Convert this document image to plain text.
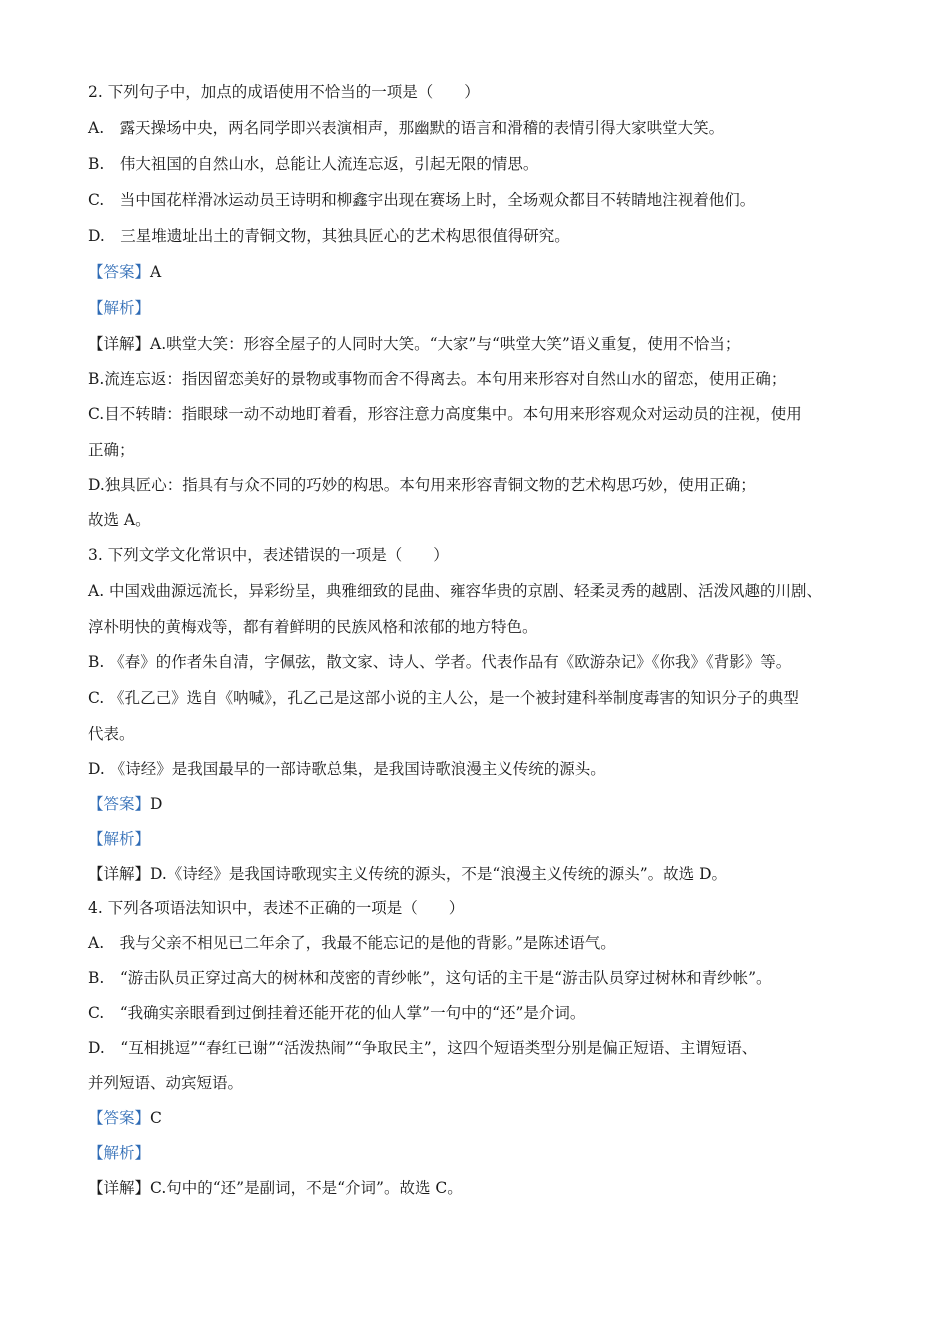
2. 下列句子中，加点的成语使用不恰当的一项是（　　）
A.　露天操场中央，两名同学即兴表演相声，那幽默的语言和滑稽的表情引得大家哄堂大笑。
B.　伟大祖国的自然山水，总能让人流连忘返，引起无限的情思。
C.　当中国花样滑冰运动员王诗明和柳鑫宇出现在赛场上时，全场观众都目不转睛地注视着他们。
D.　三星堆遗址出土的青铜文物，其独具匠心的艺术构思很值得研究。
【答案】A
【解析】
【详解】A.哄堂大笑：形容全屋子的人同时大笑。“大家”与“哄堂大笑”语义重复，使用不恰当；
B.流连忘返：指因留恋美好的景物或事物而舍不得离去。本句用来形容对自然山水的留恋，使用正确；
C.目不转睛：指眼球一动不动地盯着看，形容注意力高度集中。本句用来形容观众对运动员的注视，使用
正确；
D.独具匠心：指具有与众不同的巧妙的构思。本句用来形容青铜文物的艺术构思巧妙，使用正确；
故选 A。
3. 下列文学文化常识中，表述错误的一项是（　　）
A. 中国戏曲源远流长，异彩纷呈，典雅细致的昆曲、雍容华贵的京剧、轻柔灵秀的越剧、活泼风趣的川剧、
淳朴明快的黄梅戏等，都有着鲜明的民族风格和浓郁的地方特色。
B. 《春》的作者朱自清，字佩弦，散文家、诗人、学者。代表作品有《欧游杂记》《你我》《背影》等。
C. 《孔乙己》选自《呐喊》，孔乙己是这部小说的主人公，是一个被封建科举制度毒害的知识分子的典型
代表。
D. 《诗经》是我国最早的一部诗歌总集，是我国诗歌浪漫主义传统的源头。
【答案】D
【解析】
【详解】D.《诗经》是我国诗歌现实主义传统的源头，不是“浪漫主义传统的源头”。故选 D。
4. 下列各项语法知识中，表述不正确的一项是（　　）
A.　我与父亲不相见已二年余了，我最不能忘记的是他的背影。”是陈述语气。
B.　“游击队员正穿过高大的树林和茂密的青纱帐”，这句话的主干是“游击队员穿过树林和青纱帐”。
C.　“我确实亲眼看到过倒挂着还能开花的仙人掌”一句中的“还”是介词。
D.　“互相挑逗”“春红已谢”“活泼热闹”“争取民主”，这四个短语类型分别是偏正短语、主谓短语、
并列短语、动宾短语。
【答案】C
【解析】
【详解】C.句中的“还”是副词，不是“介词”。故选 C。
